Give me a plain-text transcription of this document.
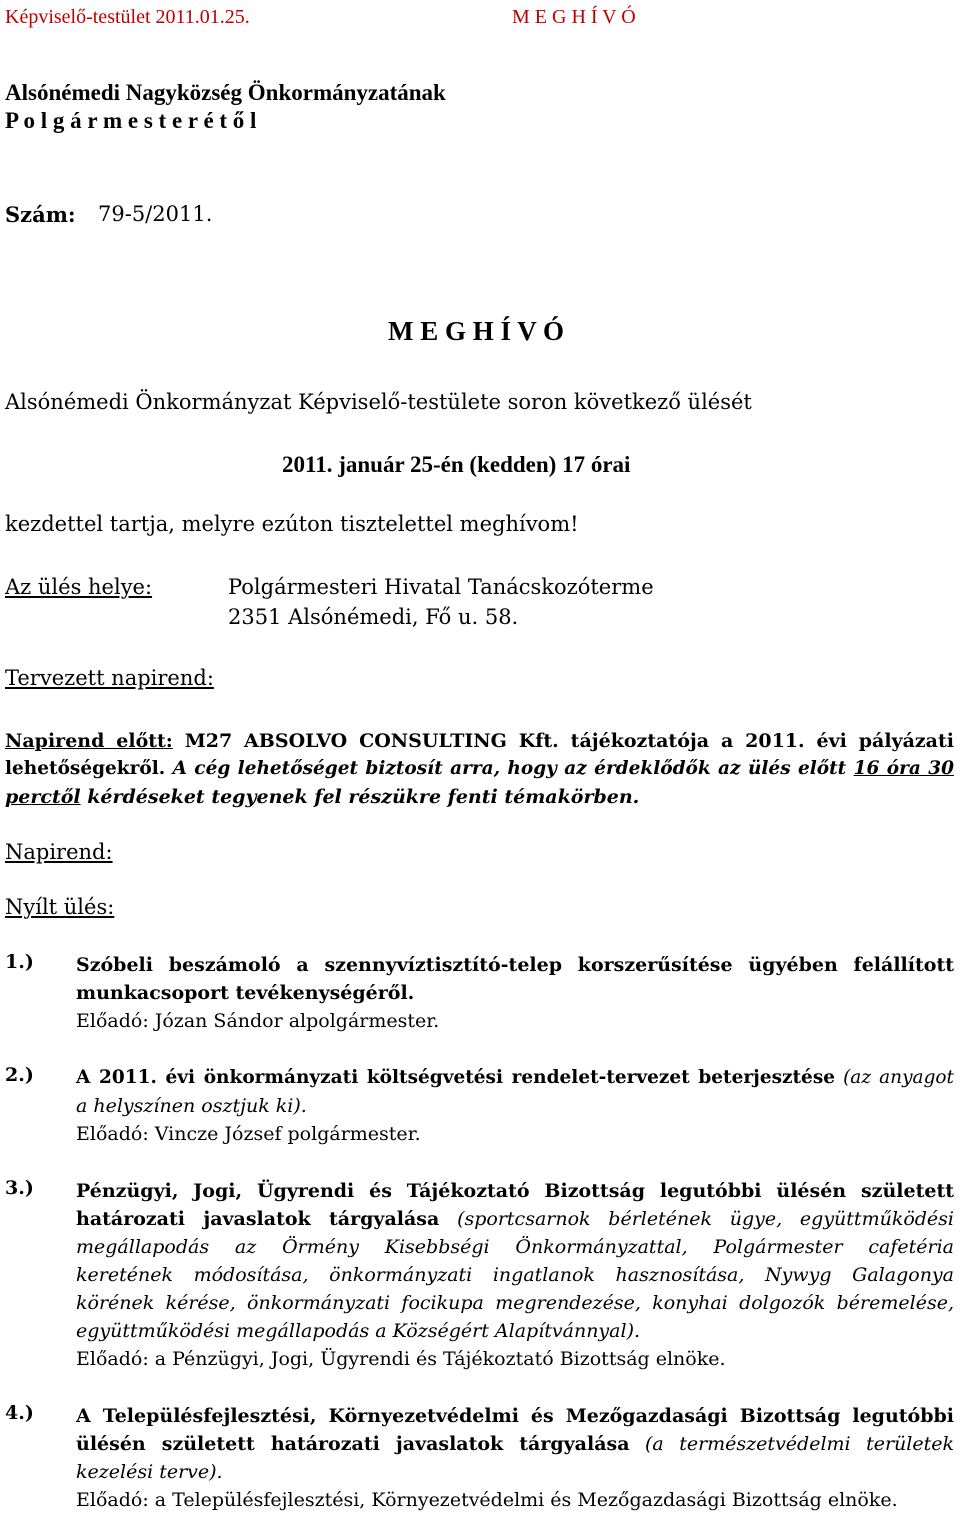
Képviselő-testület 2011.01.25.	M E G H Í V Ó
Alsónémedi Nagyközség Önkormányzatának
P o l g á r m e s t e r é t ő l
Szám: 79-5/2011.
M E G H Í V Ó
Alsónémedi Önkormányzat Képviselő-testülete soron következő ülését
2011. január 25-én (kedden) 17 órai
kezdettel tartja, melyre ezúton tisztelettel meghívom!
Az ülés helye:	Polgármesteri Hivatal Tanácskozóterme
2351 Alsónémedi, Fő u. 58.
Tervezett napirend:
Napirend előtt: M27 ABSOLVO CONSULTING Kft. tájékoztatója a 2011. évi pályázati
lehetőségekről. A cég lehetőséget biztosít arra, hogy az érdeklődők az ülés előtt 16 óra 30
perctől kérdéseket tegyenek fel részükre fenti témakörben.
Napirend:
Nyílt ülés:
1.) Szóbeli beszámoló a szennyvíztisztító-telep korszerűsítése ügyében felállított
munkacsoport tevékenységéről.
Előadó: Józan Sándor alpolgármester.
2.) A 2011. évi önkormányzati költségvetési rendelet-tervezet beterjesztése (az anyagot
a helyszínen osztjuk ki).
Előadó: Vincze József polgármester.
3.) Pénzügyi, Jogi, Ügyrendi és Tájékoztató Bizottság legutóbbi ülésén született
határozati javaslatok tárgyalása (sportcsarnok bérletének ügye, együttműködési
megállapodás az Örmény Kisebbségi Önkormányzattal, Polgármester cafetéria
keretének módosítása, önkormányzati ingatlanok hasznosítása, Nywyg Galagonya
körének kérése, önkormányzati focikupa megrendezése, konyhai dolgozók béremelése,
együttműködési megállapodás a Községért Alapítvánnyal).
Előadó: a Pénzügyi, Jogi, Ügyrendi és Tájékoztató Bizottság elnöke.
4.) A Településfejlesztési, Környezetvédelmi és Mezőgazdasági Bizottság legutóbbi
ülésén született határozati javaslatok tárgyalása (a természetvédelmi területek
kezelési terve).
Előadó: a Településfejlesztési, Környezetvédelmi és Mezőgazdasági Bizottság elnöke.
